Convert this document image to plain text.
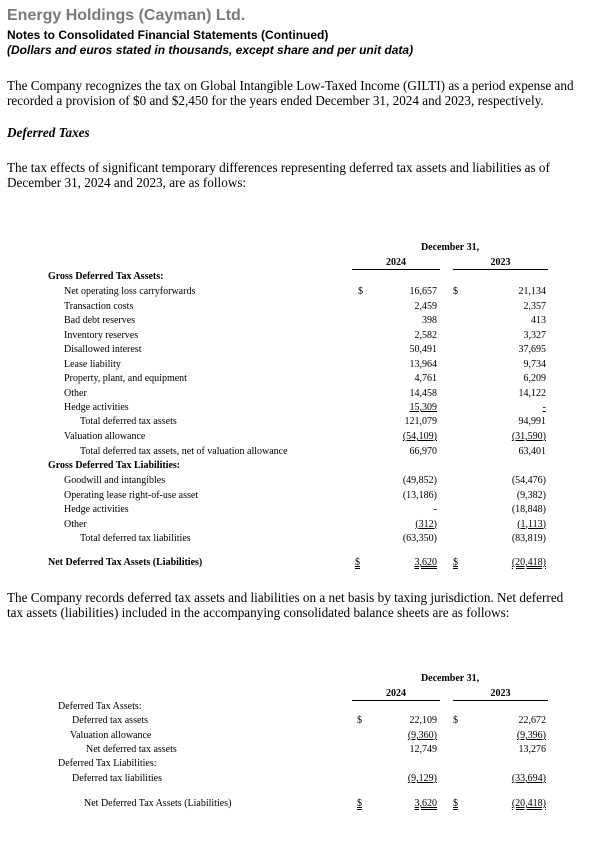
Energy Holdings (Cayman) Ltd.
Notes to Consolidated Financial Statements (Continued)
(Dollars and euros stated in thousands, except share and per unit data)
The Company recognizes the tax on Global Intangible Low-Taxed Income (GILTI) as a period expense and
recorded a provision of $0 and $2,450 for the years ended December 31, 2024 and 2023, respectively.
Deferred Taxes
The tax effects of significant temporary differences representing deferred tax assets and liabilities as of
December 31, 2024 and 2023, are as follows:
December 31,
2024	2023
Gross Deferred Tax Assets:
Net operating loss carryforwards	$	16,657 $	21,134
Transaction costs	2,459	2,357
Bad debt reserves	398	413
Inventory reserves	2,582	3,327
Disallowed interest	50,491	37,695
Lease liability	13,964	9,734
Property, plant, and equipment	4,761	6,209
Other	14,458	14,122
Hedge activities	15,309	-
Total deferred tax assets	121,079	94,991
Valuation allowance	(54,109)	(31,590)
Total deferred tax assets, net of valuation allowance	66,970	63,401
Gross Deferred Tax Liabilities:
Goodwill and intangibles	(49,852)	(54,476)
Operating lease right-of-use asset	(13,186)	(9,382)
Hedge activities	-	(18,848)
Other	(312)	(1,113)
Total deferred tax liabilities	(63,350)	(83,819)
Net Deferred Tax Assets (Liabilities)	$	3,620 $	(20,418)
The Company records deferred tax assets and liabilities on a net basis by taxing jurisdiction. Net deferred
tax assets (liabilities) included in the accompanying consolidated balance sheets are as follows:
December 31,
2024	2023
Deferred Tax Assets:
Deferred tax assets	$	22,109 $	22,672
Valuation allowance	(9,360)	(9,396)
Net deferred tax assets	12,749	13,276
Deferred Tax Liabilities:
Deferred tax liabilities	(9,129)	(33,694)
Net Deferred Tax Assets (Liabilities)	$	3,620 $	(20,418)
